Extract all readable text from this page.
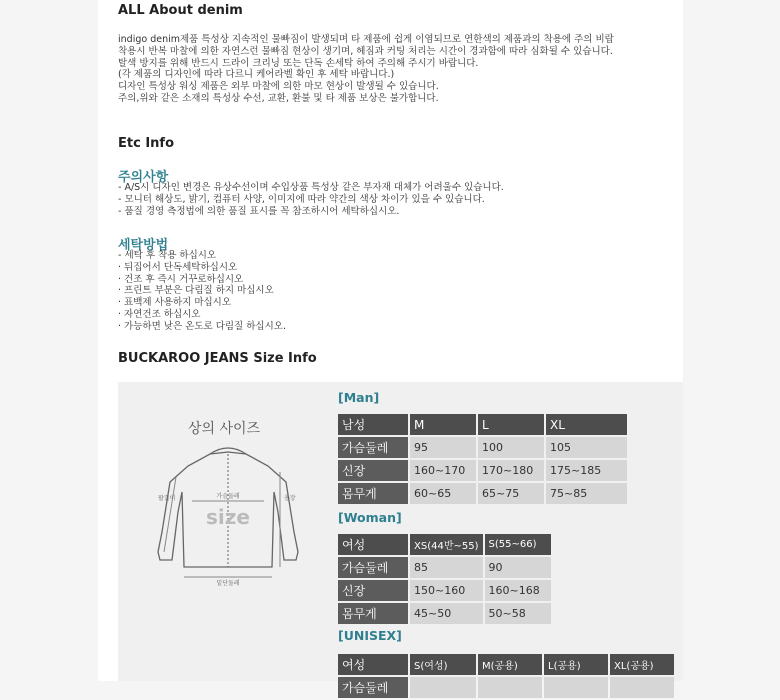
ALL About denim
indigo denim제품 특성상 지속적인 물빠짐이 발생되며 타 제품에 쉽게 이염되므로 연한색의 제품과의 착용에 주의 비랍
착용시 반복 마찰에 의한 자연스런 물빠짐 현상이 생기며, 헤짐과 커팅 처리는 시간이 경과함에 따라 심화될 수 있습니다.
탈색 방지를 위해 반드시 드라이 크리닝 또는 단독 손세탁 하여 주의해 주시기 바랍니다.
(각 제품의 디자인에 따라 다르니 케어라벨 확인 후 세탁 바랍니다.)
디자인 특성상 워싱 제품은 외부 마찰에 의한 마모 현상이 발생될 수 있습니다.
주의,위와 같은 소재의 특성상 수선, 교환, 환불 및 타 제품 보상은 불가합니다.
Etc Info
주의사항
- A/S시 디자인 변경은 유상수선이며 수입상품 특성상 같은 부자재 대체가 어려울수 있습니다.
- 모니터 해상도, 밝기, 컴퓨터 사양, 이미지에 따라 약간의 색상 차이가 있을 수 있습니다.
- 품질 경영 측정법에 의한 품질 표시를 꼭 참조하시어 세탁하십시오.
세탁방법
- 세탁 후 착용 하십시오
· 뒤집어서 단독세탁하십시오
· 건조 후 즉시 거꾸로하십시오
· 프린트 부분은 다림질 하지 마십시오
· 표백제 사용하지 마십시오
· 자연건조 하십시오
· 가능하면 낮은 온도로 다림질 하십시오.
BUCKAROO JEANS Size Info
상의 사이즈
size
가슴둘레
팔길이	총장
밑단둘레
[Man]
남성	M	L	XL
가슴둘레	95	100	105
신장	160~170	170~180	175~185
몸무게	60~65	65~75	75~85
[Woman]
여성	XS(44반~55)	S(55~66)
가슴둘레	85	90
신장	150~160	160~168
몸무게	45~50	50~58
[UNISEX]
여성	S(여성)	M(공용)	L(공용)	XL(공용)
가슴둘레				
